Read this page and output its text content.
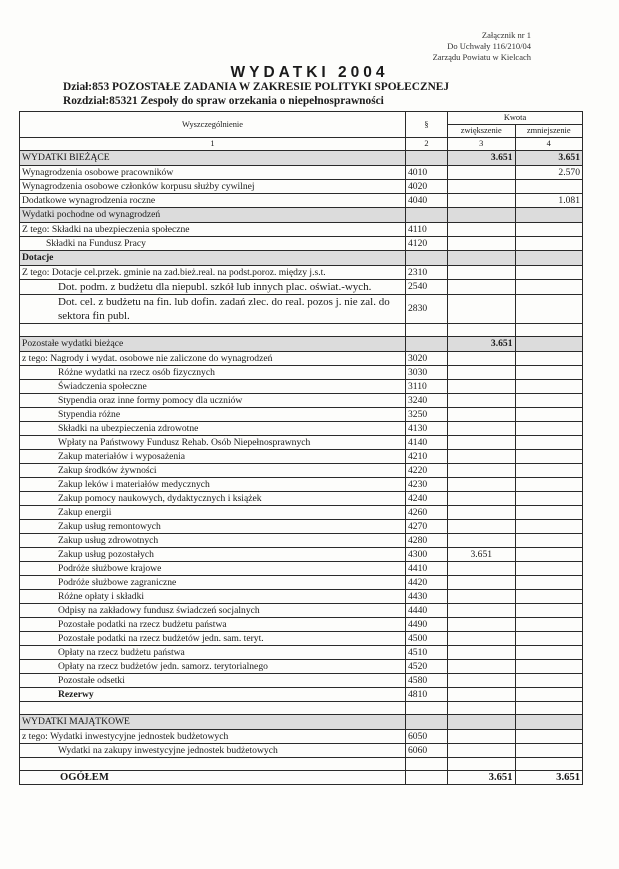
Załącznik nr 1
Do Uchwały 116/210/04
Zarządu Powiatu w Kielcach
WYDATKI 2004
Dział:853 POZOSTAŁE ZADANIA W ZAKRESIE POLITYKI SPOŁECZNEJ
Rozdział:85321 Zespoły do spraw orzekania o niepełnosprawności
Wyszczególnienie	§	Kwota	
		zwiększenie	zmniejszenie
1	2	3	4
WYDATKI BIEŻĄCE		3.651	3.651
Wynagrodzenia osobowe pracowników	4010		2.570
Wynagrodzenia osobowe członków korpusu służby cywilnej	4020		
Dodatkowe wynagrodzenia roczne	4040		1.081
Wydatki pochodne od wynagrodzeń			
Z tego: Składki na ubezpieczenia społeczne	4110		
Składki na Fundusz Pracy	4120		
Dotacje			
Z tego: Dotacje cel.przek. gminie na zad.bież.real. na podst.poroz. między j.s.t.	2310		
Dot. podm. z budżetu dla niepubl. szkół lub innych plac. oświat.-wych.	2540		
Dot. cel. z budżetu na fin. lub dofin. zadań zlec. do real. pozos j. nie zal. do sektora fin publ.	2830		

Pozostałe wydatki bieżące		3.651	
z tego: Nagrody i wydat. osobowe nie zaliczone do wynagrodzeń	3020		
Różne wydatki na rzecz osób fizycznych	3030		
Świadczenia społeczne	3110		
Stypendia oraz inne formy pomocy dla uczniów	3240		
Stypendia różne	3250		
Składki na ubezpieczenia zdrowotne	4130		
Wpłaty na Państwowy Fundusz Rehab. Osób Niepełnosprawnych	4140		
Zakup materiałów i wyposażenia	4210		
Zakup środków żywności	4220		
Zakup leków i materiałów medycznych	4230		
Zakup pomocy naukowych, dydaktycznych i książek	4240		
Zakup energii	4260		
Zakup usług remontowych	4270		
Zakup usług zdrowotnych	4280		
Zakup usług pozostałych	4300	3.651	
Podróże służbowe krajowe	4410		
Podróże służbowe zagraniczne	4420		
Różne opłaty i składki	4430		
Odpisy na zakładowy fundusz świadczeń socjalnych	4440		
Pozostałe podatki na rzecz budżetu państwa	4490		
Pozostałe podatki na rzecz budżetów jedn. sam. teryt.	4500		
Opłaty na rzecz budżetu państwa	4510		
Opłaty na rzecz budżetów jedn. samorz. terytorialnego	4520		
Pozostałe odsetki	4580		
Rezerwy	4810		

WYDATKI MAJĄTKOWE			
z tego: Wydatki inwestycyjne jednostek budżetowych	6050		
Wydatki na zakupy inwestycyjne jednostek budżetowych	6060		

OGÓŁEM		3.651	3.651
